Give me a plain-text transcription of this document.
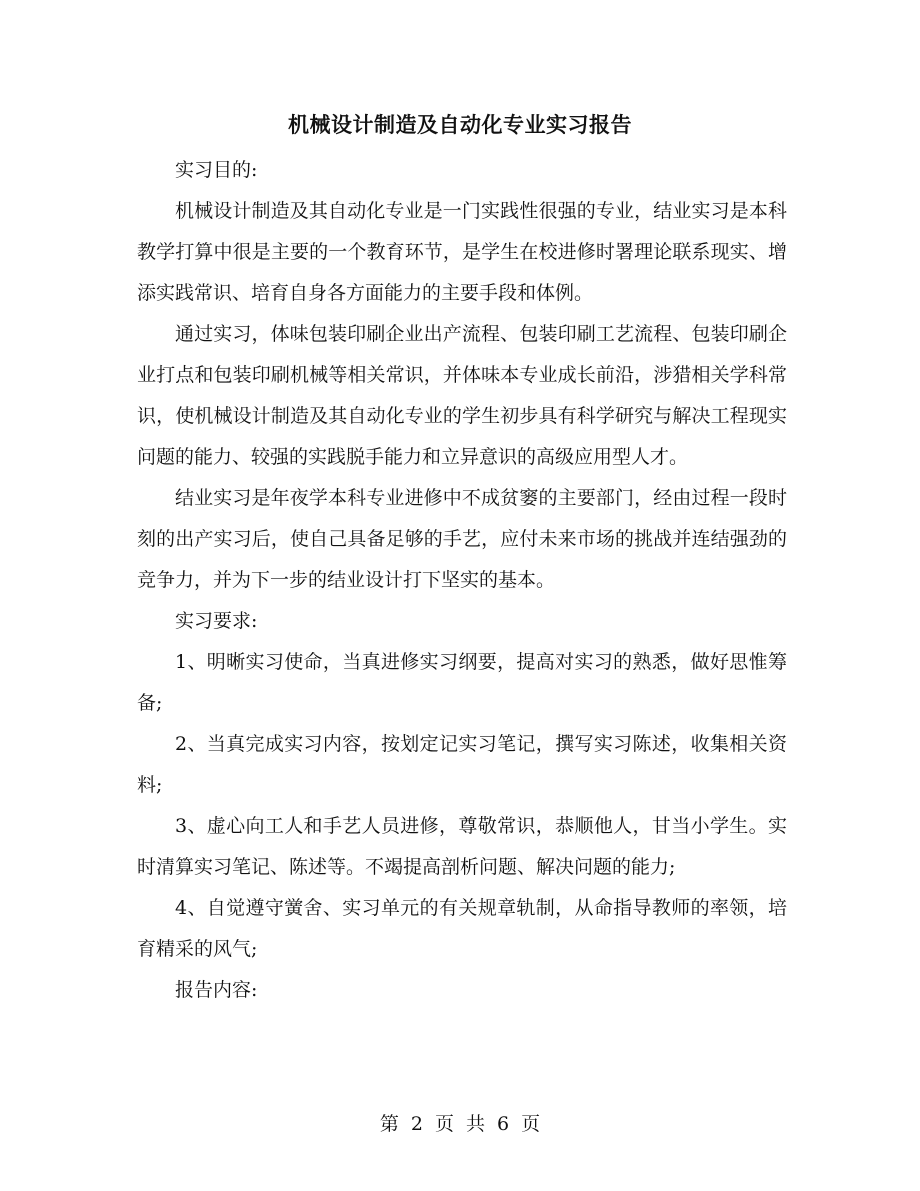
机械设计制造及自动化专业实习报告

实习目的:

机械设计制造及其自动化专业是一门实践性很强的专业，结业实习是本科教学打算中很是主要的一个教育环节，是学生在校进修时署理论联系现实、增添实践常识、培育自身各方面能力的主要手段和体例。

通过实习，体味包装印刷企业出产流程、包装印刷工艺流程、包装印刷企业打点和包装印刷机械等相关常识，并体味本专业成长前沿，涉猎相关学科常识，使机械设计制造及其自动化专业的学生初步具有科学研究与解决工程现实问题的能力、较强的实践脱手能力和立异意识的高级应用型人才。

结业实习是年夜学本科专业进修中不成贫窭的主要部门，经由过程一段时刻的出产实习后，使自己具备足够的手艺，应付未来市场的挑战并连结强劲的竞争力，并为下一步的结业设计打下坚实的基本。

实习要求:

1、明晰实习使命，当真进修实习纲要，提高对实习的熟悉，做好思惟筹备;

2、当真完成实习内容，按划定记实习笔记，撰写实习陈述，收集相关资料;

3、虚心向工人和手艺人员进修，尊敬常识，恭顺他人，甘当小学生。实时清算实习笔记、陈述等。不竭提高剖析问题、解决问题的能力;

4、自觉遵守黉舍、实习单元的有关规章轨制，从命指导教师的率领，培育精采的风气;

报告内容:

第 2 页 共 6 页
